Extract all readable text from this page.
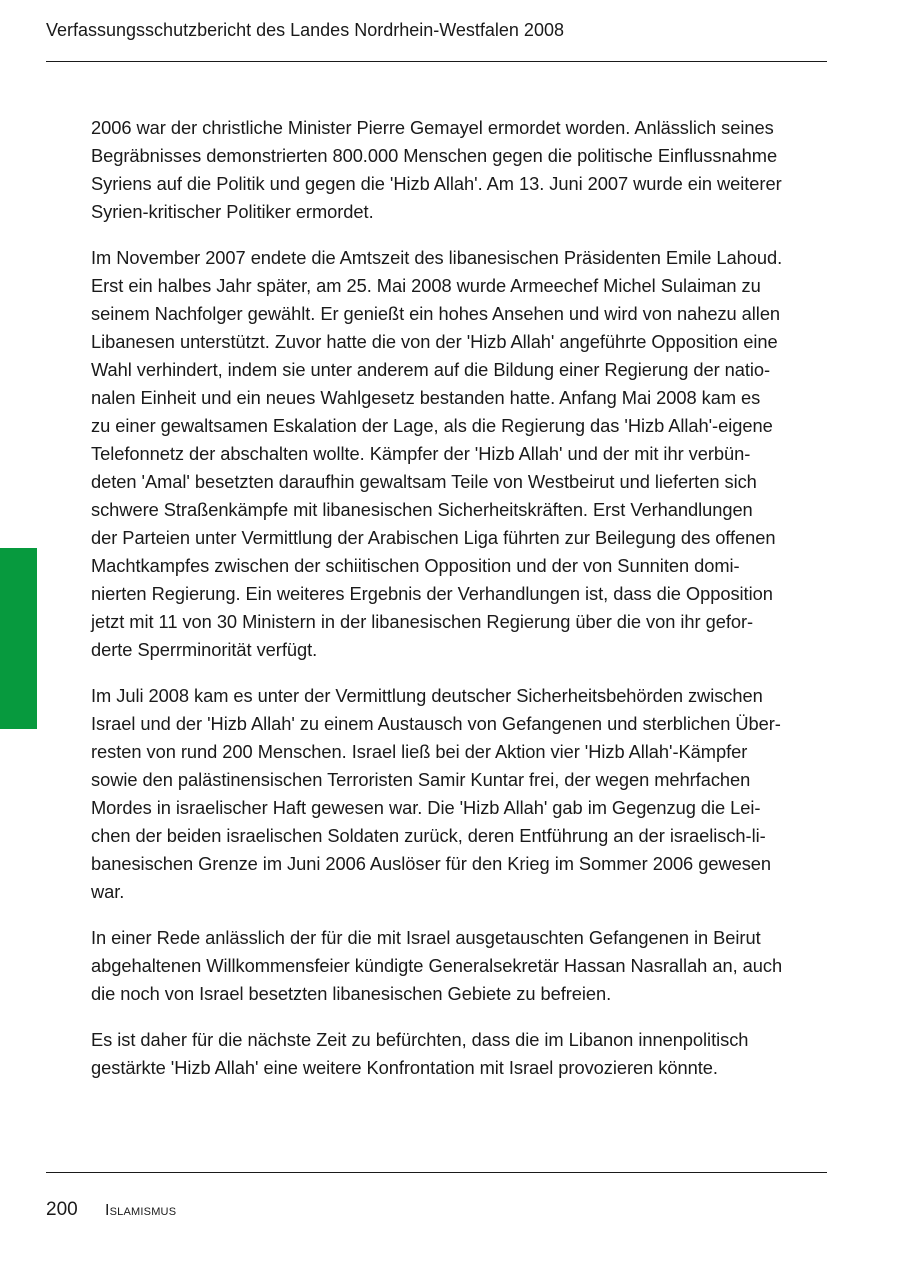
Verfassungsschutzbericht des Landes Nordrhein-Westfalen 2008

2006 war der christliche Minister Pierre Gemayel ermordet worden. Anlässlich seines
Begräbnisses demonstrierten 800.000 Menschen gegen die politische Einflussnahme
Syriens auf die Politik und gegen die 'Hizb Allah'. Am 13. Juni 2007 wurde ein weiterer
Syrien-kritischer Politiker ermordet.

Im November 2007 endete die Amtszeit des libanesischen Präsidenten Emile Lahoud.
Erst ein halbes Jahr später, am 25. Mai 2008 wurde Armeechef Michel Sulaiman zu
seinem Nachfolger gewählt. Er genießt ein hohes Ansehen und wird von nahezu allen
Libanesen unterstützt. Zuvor hatte die von der 'Hizb Allah' angeführte Opposition eine
Wahl verhindert, indem sie unter anderem auf die Bildung einer Regierung der natio-
nalen Einheit und ein neues Wahlgesetz bestanden hatte. Anfang Mai 2008 kam es
zu einer gewaltsamen Eskalation der Lage, als die Regierung das 'Hizb Allah'-eigene
Telefonnetz der abschalten wollte. Kämpfer der 'Hizb Allah' und der mit ihr verbün-
deten 'Amal' besetzten daraufhin gewaltsam Teile von Westbeirut und lieferten sich
schwere Straßenkämpfe mit libanesischen Sicherheitskräften. Erst Verhandlungen
der Parteien unter Vermittlung der Arabischen Liga führten zur Beilegung des offenen
Machtkampfes zwischen der schiitischen Opposition und der von Sunniten domi-
nierten Regierung. Ein weiteres Ergebnis der Verhandlungen ist, dass die Opposition
jetzt mit 11 von 30 Ministern in der libanesischen Regierung über die von ihr gefor-
derte Sperrminorität verfügt.

Im Juli 2008 kam es unter der Vermittlung deutscher Sicherheitsbehörden zwischen
Israel und der 'Hizb Allah' zu einem Austausch von Gefangenen und sterblichen Über-
resten von rund 200 Menschen. Israel ließ bei der Aktion vier 'Hizb Allah'-Kämpfer
sowie den palästinensischen Terroristen Samir Kuntar frei, der wegen mehrfachen
Mordes in israelischer Haft gewesen war. Die 'Hizb Allah' gab im Gegenzug die Lei-
chen der beiden israelischen Soldaten zurück, deren Entführung an der israelisch-li-
banesischen Grenze im Juni 2006 Auslöser für den Krieg im Sommer 2006 gewesen
war.

In einer Rede anlässlich der für die mit Israel ausgetauschten Gefangenen in Beirut
abgehaltenen Willkommensfeier kündigte Generalsekretär Hassan Nasrallah an, auch
die noch von Israel besetzten libanesischen Gebiete zu befreien.

Es ist daher für die nächste Zeit zu befürchten, dass die im Libanon innenpolitisch
gestärkte 'Hizb Allah' eine weitere Konfrontation mit Israel provozieren könnte.

200 Islamismus
